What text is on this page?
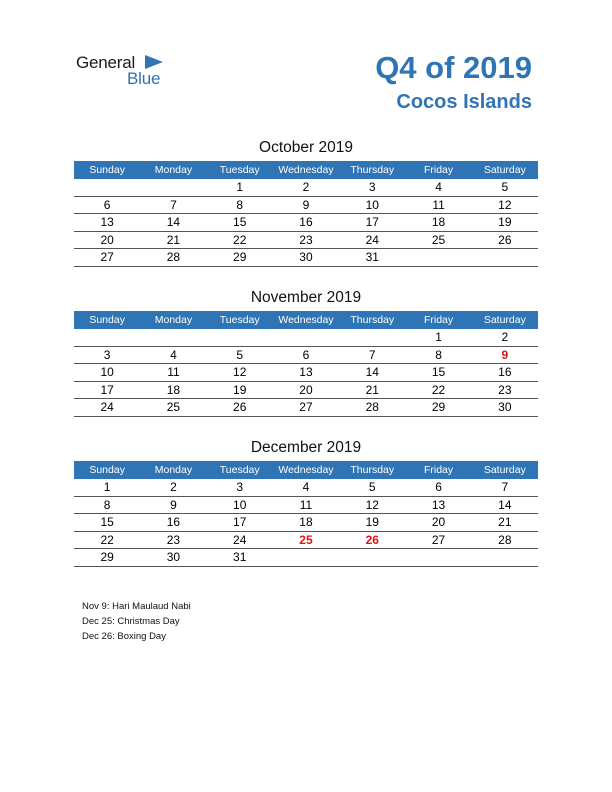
General
Blue	Q4 of 2019
Cocos Islands
October 2019
Sunday	Monday	Tuesday	Wednesday	Thursday	Friday	Saturday
		1	2	3	4	5
6	7	8	9	10	11	12
13	14	15	16	17	18	19
20	21	22	23	24	25	26
27	28	29	30	31		
November 2019
Sunday	Monday	Tuesday	Wednesday	Thursday	Friday	Saturday
					1	2
3	4	5	6	7	8	9
10	11	12	13	14	15	16
17	18	19	20	21	22	23
24	25	26	27	28	29	30
December 2019
Sunday	Monday	Tuesday	Wednesday	Thursday	Friday	Saturday
1	2	3	4	5	6	7
8	9	10	11	12	13	14
15	16	17	18	19	20	21
22	23	24	25	26	27	28
29	30	31				
Nov 9: Hari Maulaud Nabi
Dec 25: Christmas Day
Dec 26: Boxing Day
